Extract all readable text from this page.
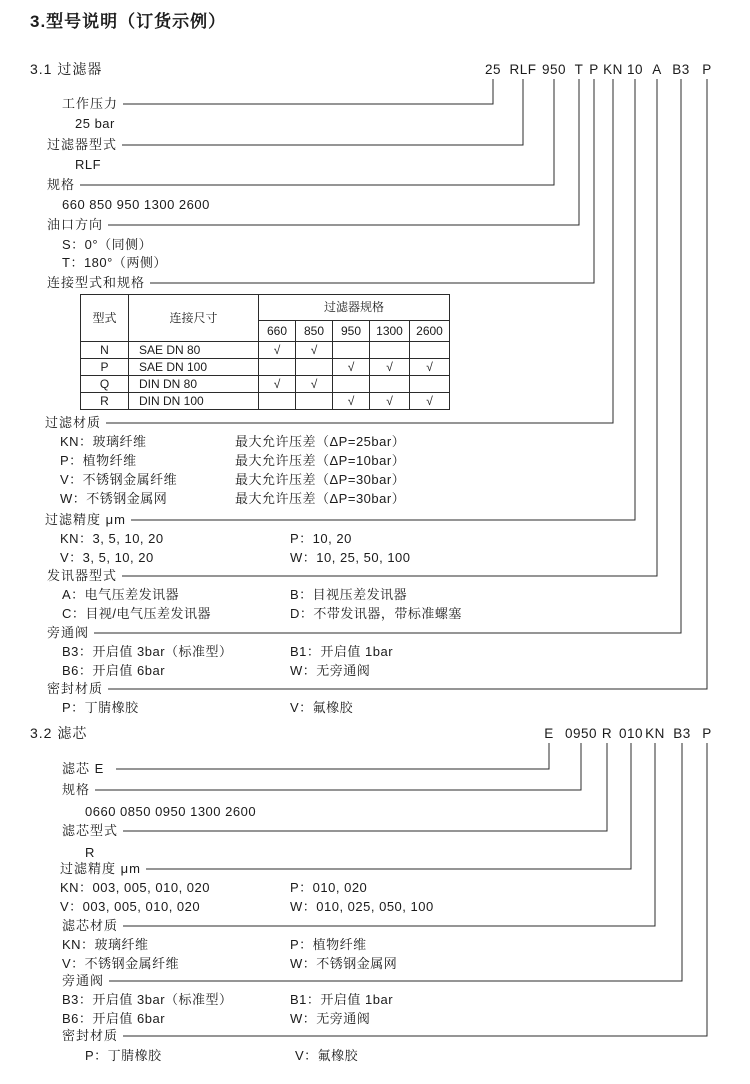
3.型号说明（订货示例）
3.1 过滤器	25 RLF 950 T P KN 10 A B3 P
工作压力
25 bar
过滤器型式
RLF
规格
660 850 950 1300 2600
油口方向
S：0°（同侧）
T：180°（两侧）
连接型式和规格
型式	连接尺寸	过滤器规格				
		660	850	950	1300	2600
N	SAE DN 80	√	√			
P	SAE DN 100			√	√	√
Q	DIN DN 80	√	√			
R	DIN DN 100			√	√	√
过滤材质
KN：玻璃纤维	最大允许压差（ΔP=25bar）
P：植物纤维	最大允许压差（ΔP=10bar）
V：不锈钢金属纤维	最大允许压差（ΔP=30bar）
W：不锈钢金属网	最大允许压差（ΔP=30bar）
过滤精度 μm
KN：3, 5, 10, 20	P：10, 20
V：3, 5, 10, 20	W：10, 25, 50, 100
发讯器型式
A：电气压差发讯器	B：目视压差发讯器
C：目视/电气压差发讯器	D：不带发讯器，带标准螺塞
旁通阀
B3：开启值 3bar（标准型）	B1：开启值 1bar
B6：开启值 6bar	W：无旁通阀
密封材质
P：丁腈橡胶	V：氟橡胶
3.2 滤芯	E 0950 R 010 KN B3 P
滤芯 E
规格
0660 0850 0950 1300 2600
滤芯型式
R
过滤精度 μm
KN：003, 005, 010, 020	P：010, 020
V：003, 005, 010, 020	W：010, 025, 050, 100
滤芯材质
KN：玻璃纤维	P：植物纤维
V：不锈钢金属纤维	W：不锈钢金属网
旁通阀
B3：开启值 3bar（标准型）	B1：开启值 1bar
B6：开启值 6bar	W：无旁通阀
密封材质
P：丁腈橡胶	V：氟橡胶
